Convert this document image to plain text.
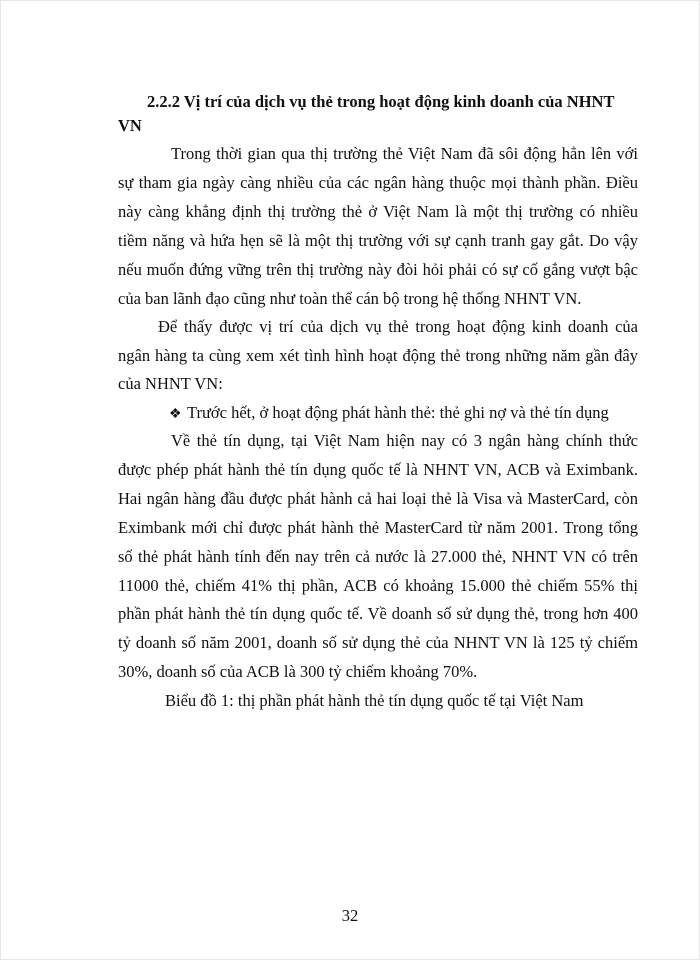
2.2.2 Vị trí của dịch vụ thẻ trong hoạt động kinh doanh của NHNT
VN
Trong thời gian qua thị trường thẻ Việt Nam đã sôi động hẳn lên với
sự tham gia ngày càng nhiều của các ngân hàng thuộc mọi thành phần. Điều
này càng khẳng định thị trường thẻ ở Việt Nam là một thị trường có nhiều
tiềm năng và hứa hẹn sẽ là một thị trường với sự cạnh tranh gay gắt. Do vậy
nếu muốn đứng vững trên thị trường này đòi hỏi phải có sự cố gắng vượt bậc
của ban lãnh đạo cũng như toàn thể cán bộ trong hệ thống NHNT VN.
Để thấy được vị trí của dịch vụ thẻ trong hoạt động kinh doanh của
ngân hàng ta cùng xem xét tình hình hoạt động thẻ trong những năm gần đây
của NHNT VN:
❖ Trước hết, ở hoạt động phát hành thẻ: thẻ ghi nợ và thẻ tín dụng
Về thẻ tín dụng, tại Việt Nam hiện nay có 3 ngân hàng chính thức
được phép phát hành thẻ tín dụng quốc tế là NHNT VN, ACB và Eximbank.
Hai ngân hàng đầu được phát hành cả hai loại thẻ là Visa và MasterCard, còn
Eximbank mới chỉ được phát hành thẻ MasterCard từ năm 2001. Trong tổng
số thẻ phát hành tính đến nay trên cả nước là 27.000 thẻ, NHNT VN có trên
11000 thẻ, chiếm 41% thị phần, ACB có khoảng 15.000 thẻ chiếm 55% thị
phần phát hành thẻ tín dụng quốc tế. Về doanh số sử dụng thẻ, trong hơn 400
tỷ doanh số năm 2001, doanh số sử dụng thẻ của NHNT VN là 125 tỷ chiếm
30%, doanh số của ACB là 300 tỷ chiếm khoảng 70%.
Biểu đồ 1: thị phần phát hành thẻ tín dụng quốc tế tại Việt Nam
32
